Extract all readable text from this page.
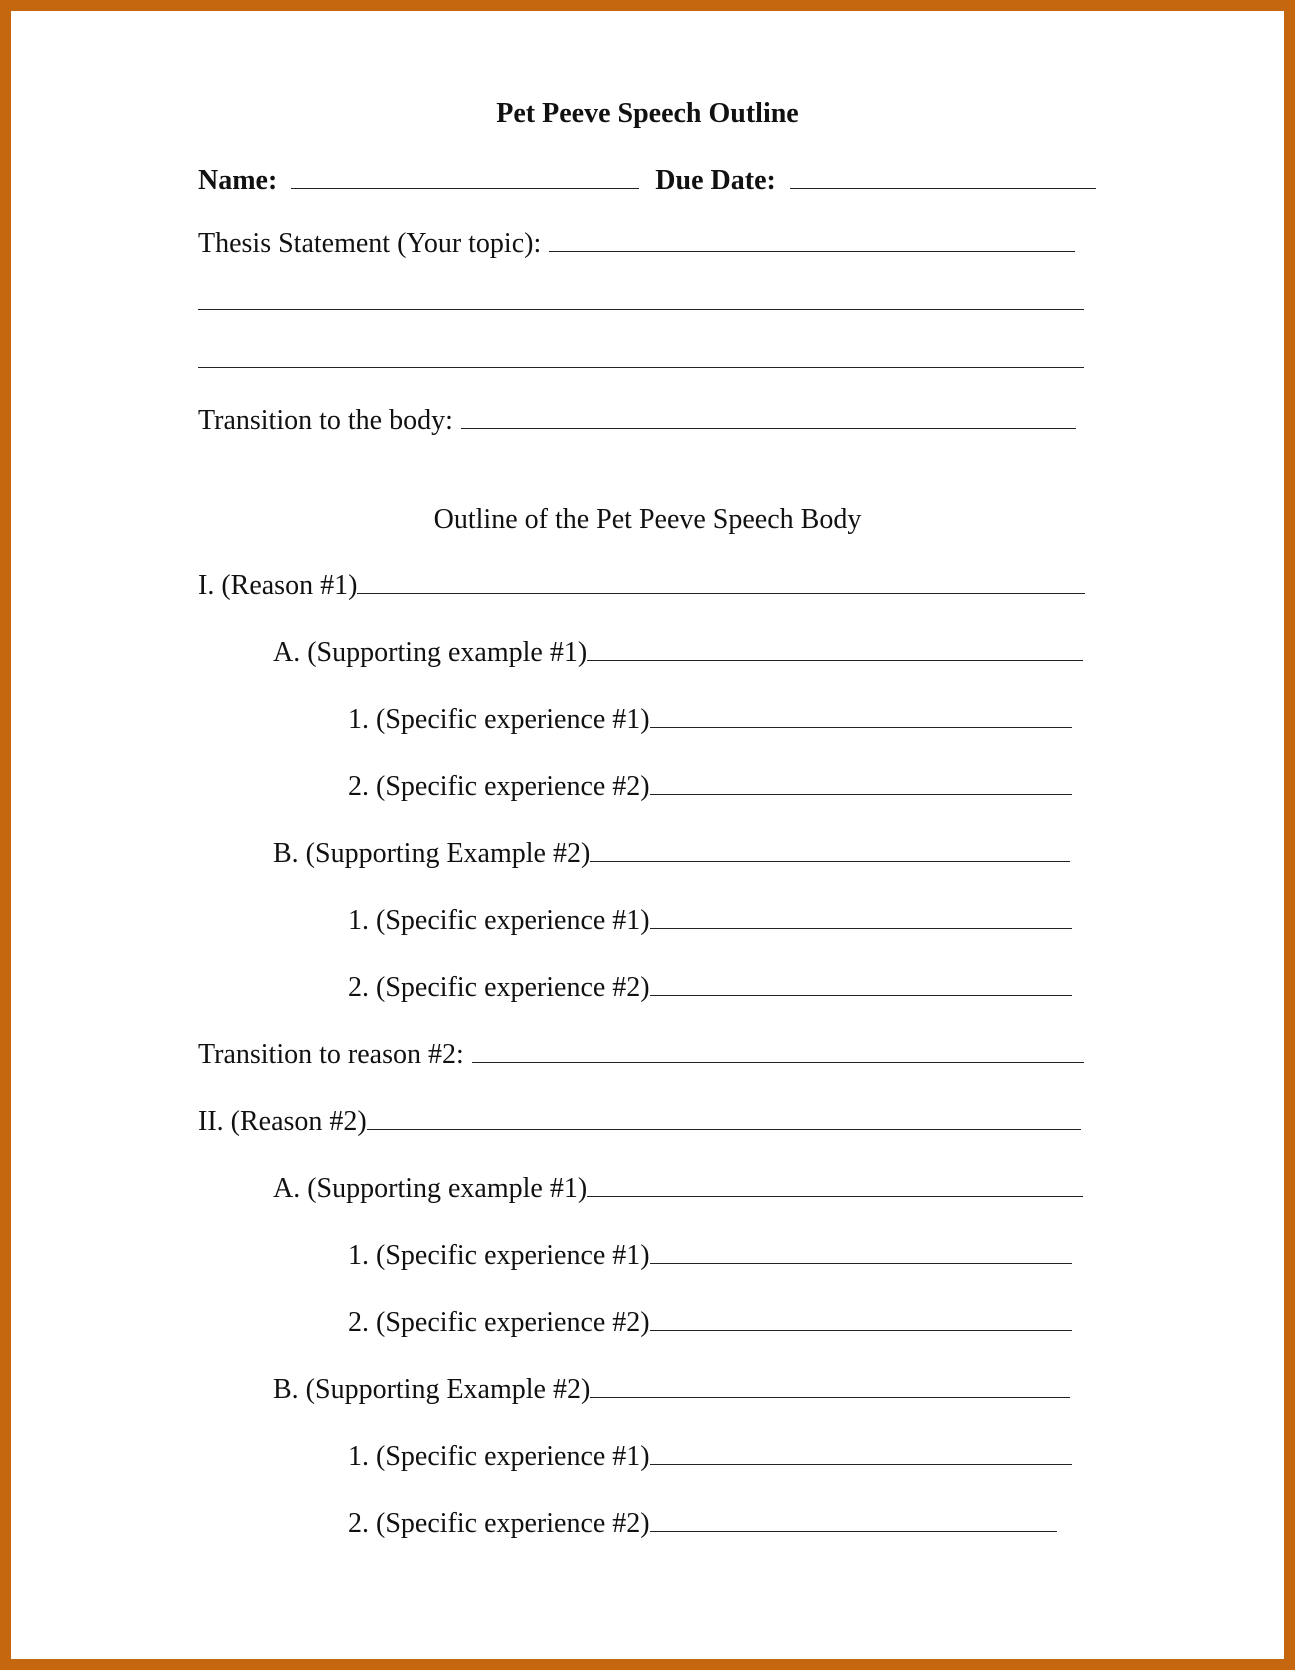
Pet Peeve Speech Outline
Name:	Due Date:
Thesis Statement (Your topic):
Transition to the body:
Outline of the Pet Peeve Speech Body
I. (Reason #1)
A. (Supporting example #1)
1. (Specific experience #1)
2. (Specific experience #2)
B. (Supporting Example #2)
1. (Specific experience #1)
2. (Specific experience #2)
Transition to reason #2:
II. (Reason #2)
A. (Supporting example #1)
1. (Specific experience #1)
2. (Specific experience #2)
B. (Supporting Example #2)
1. (Specific experience #1)
2. (Specific experience #2)
